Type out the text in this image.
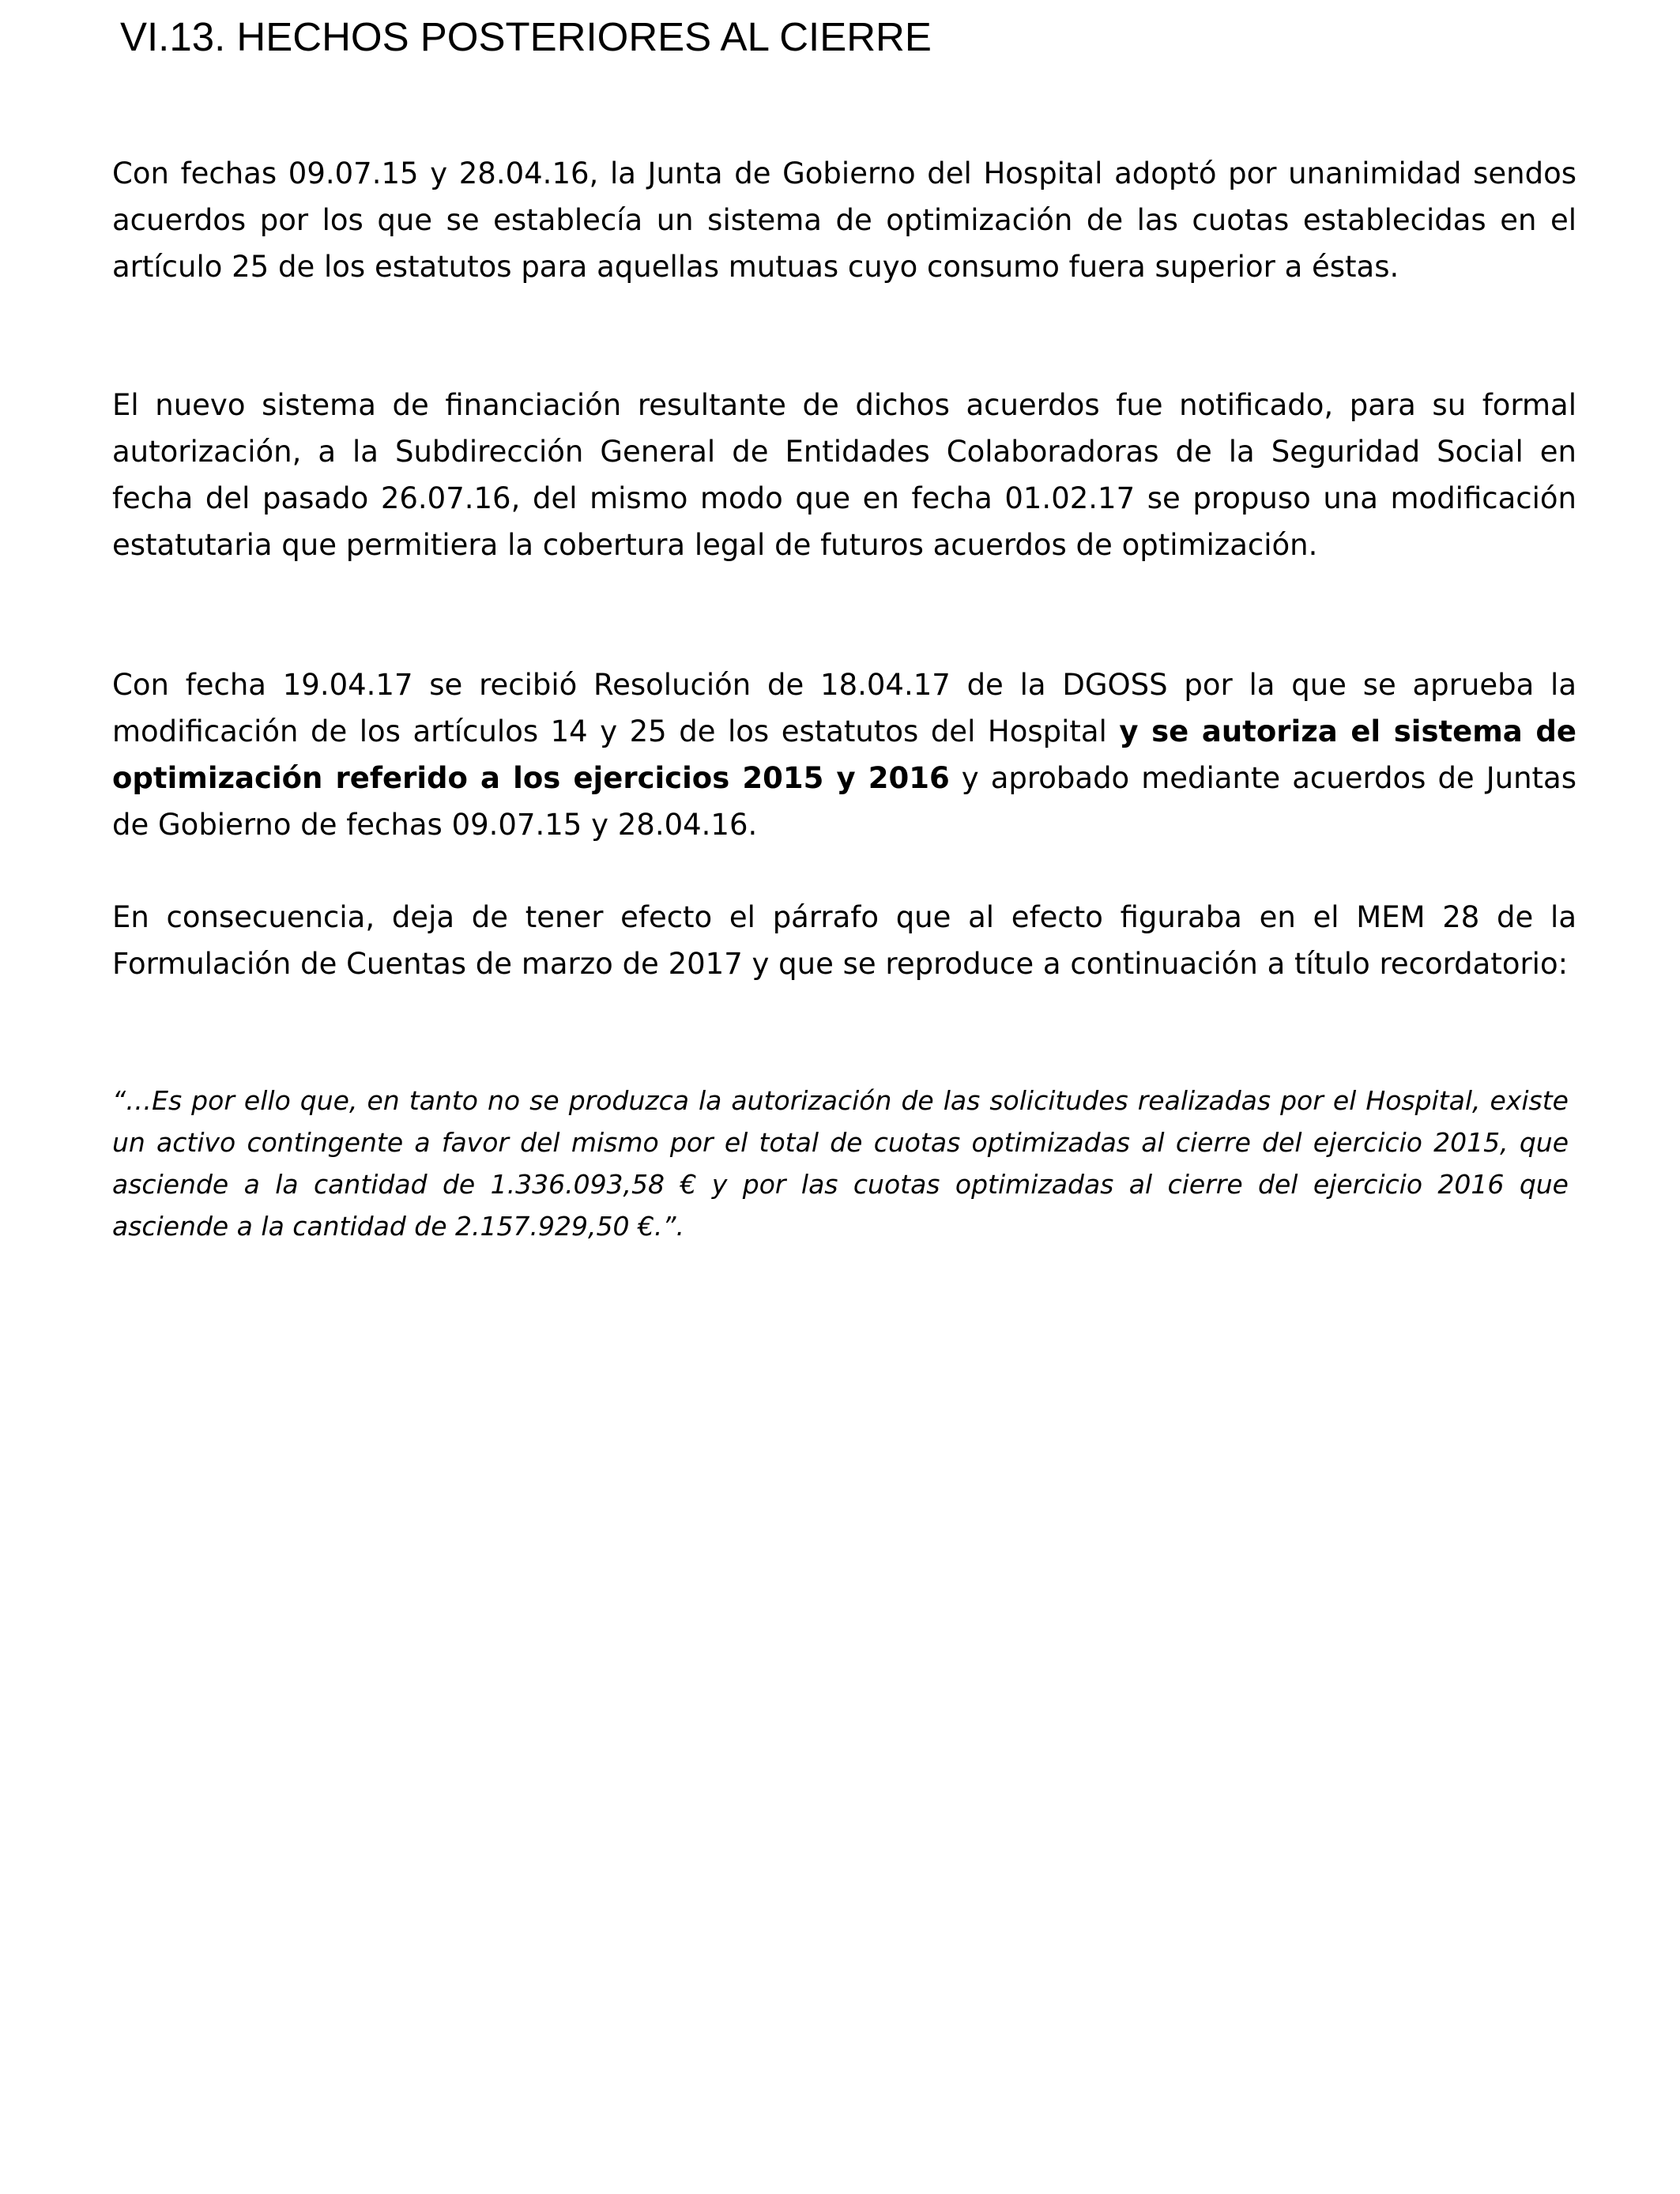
VI.13. HECHOS POSTERIORES AL CIERRE

Con fechas 09.07.15 y 28.04.16, la Junta de Gobierno del Hospital adoptó por unanimidad sendos acuerdos por los que se establecía un sistema de optimización de las cuotas establecidas en el artículo 25 de los estatutos para aquellas mutuas cuyo consumo fuera superior a éstas.

El nuevo sistema de financiación resultante de dichos acuerdos fue notificado, para su formal autorización, a la Subdirección General de Entidades Colaboradoras de la Seguridad Social en fecha del pasado 26.07.16, del mismo modo que en fecha 01.02.17 se propuso una modificación estatutaria que permitiera la cobertura legal de futuros acuerdos de optimización.

Con fecha 19.04.17 se recibió Resolución de 18.04.17 de la DGOSS por la que se aprueba la modificación de los artículos 14 y 25 de los estatutos del Hospital y se autoriza el sistema de optimización referido a los ejercicios 2015 y 2016 y aprobado mediante acuerdos de Juntas de Gobierno de fechas 09.07.15 y 28.04.16.

En consecuencia, deja de tener efecto el párrafo que al efecto figuraba en el MEM 28 de la Formulación de Cuentas de marzo de 2017 y que se reproduce a continuación a título recordatorio:

“…Es por ello que, en tanto no se produzca la autorización de las solicitudes realizadas por el Hospital, existe un activo contingente a favor del mismo por el total de cuotas optimizadas al cierre del ejercicio 2015, que asciende a la cantidad de 1.336.093,58 € y por las cuotas optimizadas al cierre del ejercicio 2016 que asciende a la cantidad de 2.157.929,50 €.”.
